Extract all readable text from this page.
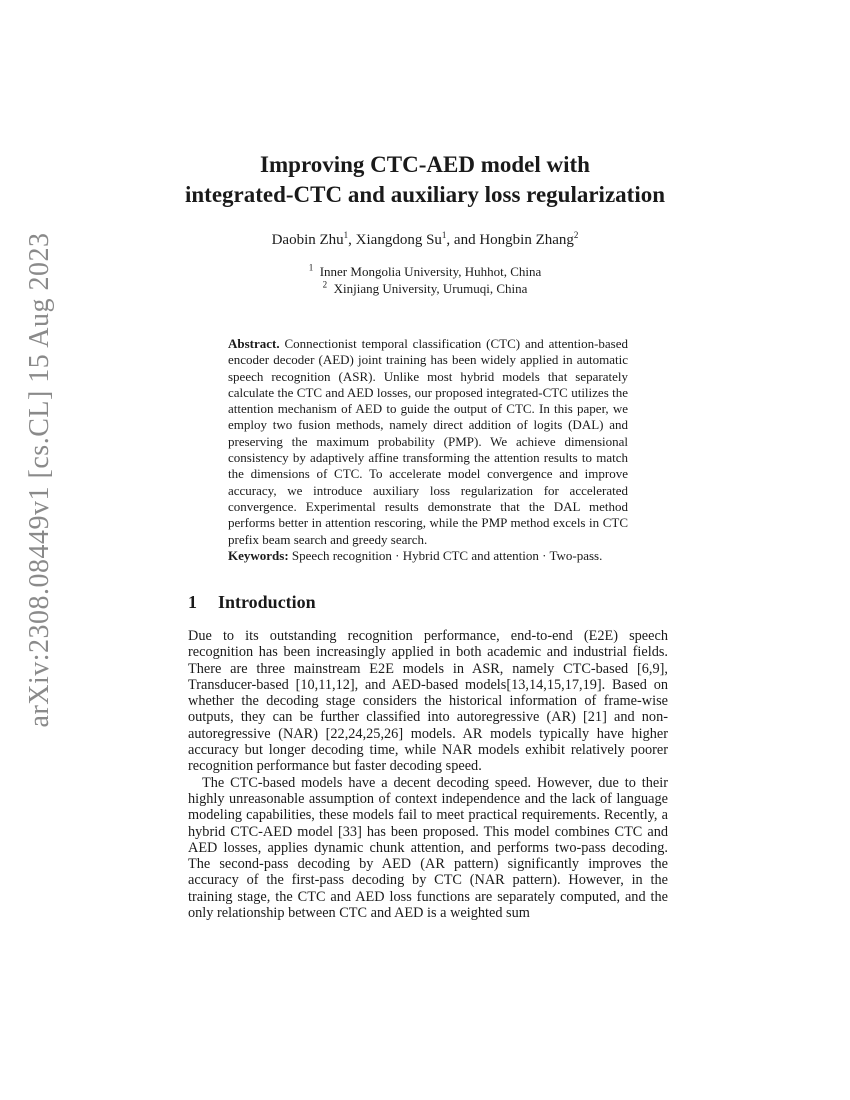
arXiv:2308.08449v1 [cs.CL] 15 Aug 2023
Improving CTC-AED model with
integrated-CTC and auxiliary loss regularization
Daobin Zhu$^1$, Xiangdong Su$^1$, and Hongbin Zhang$^2$
$^1$ Inner Mongolia University, Huhhot, China
$^2$ Xinjiang University, Urumuqi, China
Abstract. Connectionist temporal classification (CTC) and attention-based encoder decoder (AED) joint training has been widely applied in automatic speech recognition (ASR). Unlike most hybrid models that separately calculate the CTC and AED losses, our proposed integrated-CTC utilizes the attention mechanism of AED to guide the output of CTC. In this paper, we employ two fusion methods, namely direct addition of logits (DAL) and preserving the maximum probability (PMP). We achieve dimensional consistency by adaptively affine transforming the attention results to match the dimensions of CTC. To accelerate model convergence and improve accuracy, we introduce auxiliary loss regularization for accelerated convergence. Experimental results demonstrate that the DAL method performs better in attention rescoring, while the PMP method excels in CTC prefix beam search and greedy search.
Keywords: Speech recognition · Hybrid CTC and attention · Two-pass.
1 Introduction

Due to its outstanding recognition performance, end-to-end (E2E) speech recognition has been increasingly applied in both academic and industrial fields. There are three mainstream E2E models in ASR, namely CTC-based [6,9], Transducer-based [10,11,12], and AED-based models[13,14,15,17,19]. Based on whether the decoding stage considers the historical information of frame-wise outputs, they can be further classified into autoregressive (AR) [21] and non-autoregressive (NAR) [22,24,25,26] models. AR models typically have higher accuracy but longer decoding time, while NAR models exhibit relatively poorer recognition performance but faster decoding speed.

The CTC-based models have a decent decoding speed. However, due to their highly unreasonable assumption of context independence and the lack of language modeling capabilities, these models fail to meet practical requirements. Recently, a hybrid CTC-AED model [33] has been proposed. This model combines CTC and AED losses, applies dynamic chunk attention, and performs two-pass decoding. The second-pass decoding by AED (AR pattern) significantly improves the accuracy of the first-pass decoding by CTC (NAR pattern). However, in the training stage, the CTC and AED loss functions are separately computed, and the only relationship between CTC and AED is a weighted sum
